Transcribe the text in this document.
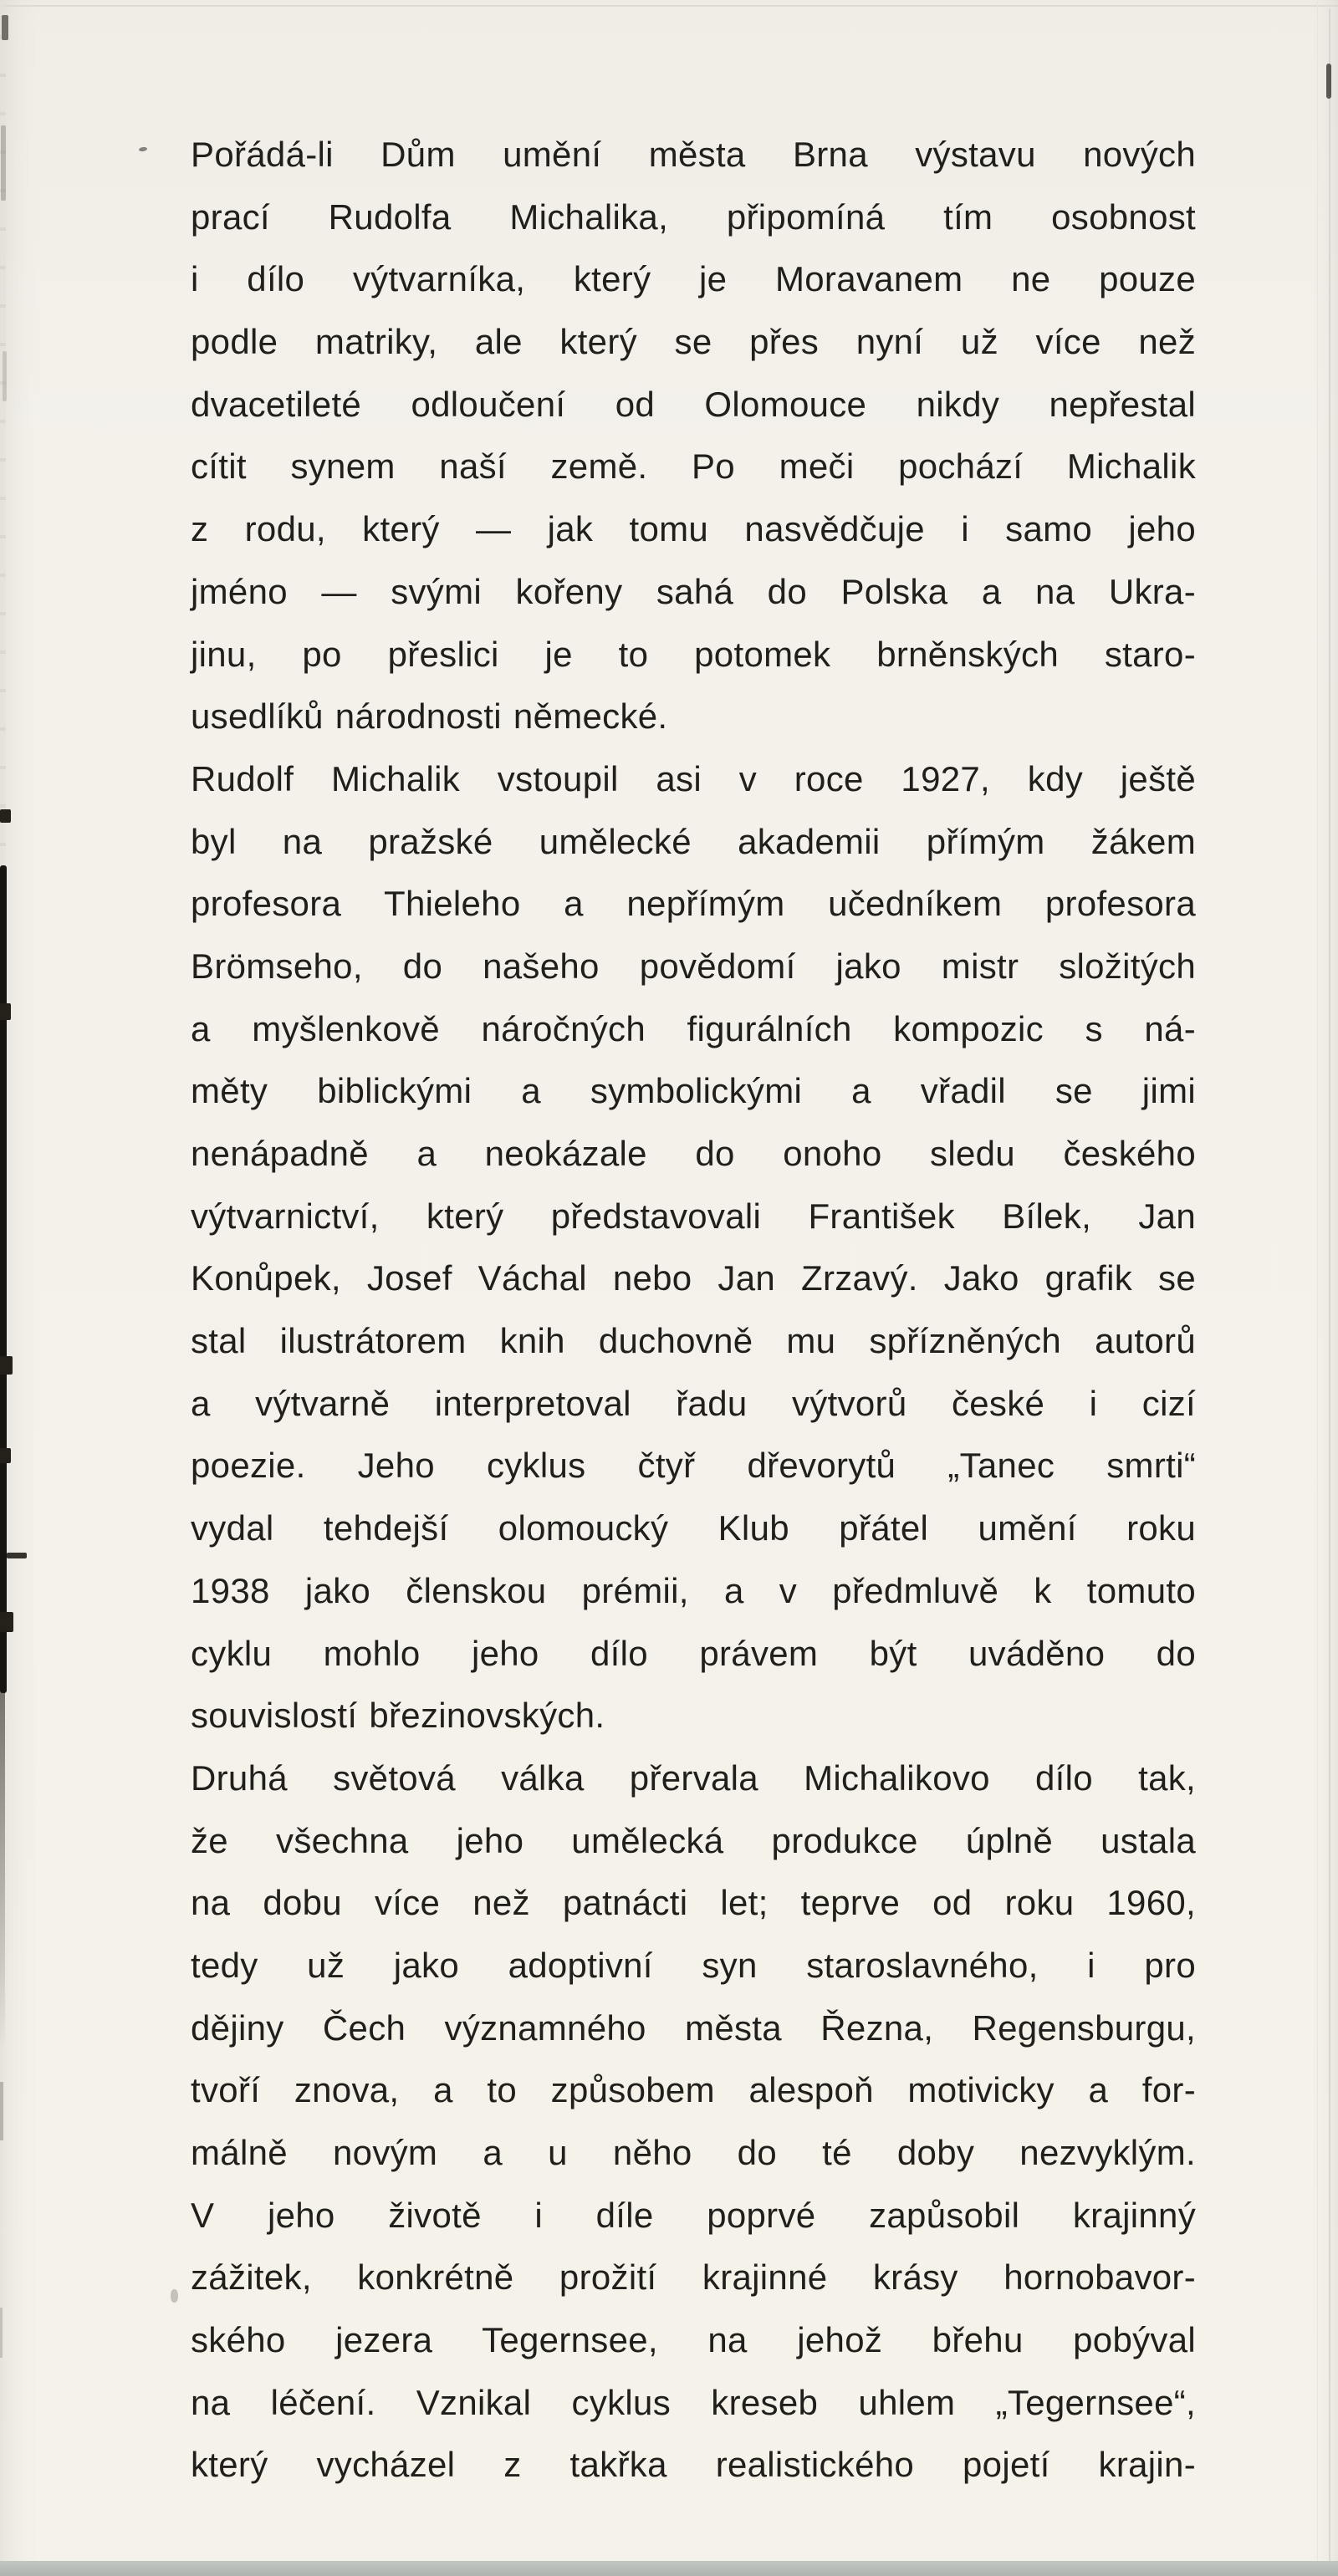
Pořádá-li Dům umění města Brna výstavu nových
prací Rudolfa Michalika, připomíná tím osobnost
i dílo výtvarníka, který je Moravanem ne pouze
podle matriky, ale který se přes nyní už více než
dvacetileté odloučení od Olomouce nikdy nepřestal
cítit synem naší země. Po meči pochází Michalik
z rodu, který — jak tomu nasvědčuje i samo jeho
jméno — svými kořeny sahá do Polska a na Ukra-
jinu, po přeslici je to potomek brněnských staro-
usedlíků národnosti německé.
Rudolf Michalik vstoupil asi v roce 1927, kdy ještě
byl na pražské umělecké akademii přímým žákem
profesora Thieleho a nepřímým učedníkem profesora
Brömseho, do našeho povědomí jako mistr složitých
a myšlenkově náročných figurálních kompozic s ná-
měty biblickými a symbolickými a vřadil se jimi
nenápadně a neokázale do onoho sledu českého
výtvarnictví, který představovali František Bílek, Jan
Konůpek, Josef Váchal nebo Jan Zrzavý. Jako grafik se
stal ilustrátorem knih duchovně mu spřízněných autorů
a výtvarně interpretoval řadu výtvorů české i cizí
poezie. Jeho cyklus čtyř dřevorytů „Tanec smrti“
vydal tehdejší olomoucký Klub přátel umění roku
1938 jako členskou prémii, a v předmluvě k tomuto
cyklu mohlo jeho dílo právem být uváděno do
souvislostí březinovských.
Druhá světová válka přervala Michalikovo dílo tak,
že všechna jeho umělecká produkce úplně ustala
na dobu více než patnácti let; teprve od roku 1960,
tedy už jako adoptivní syn staroslavného, i pro
dějiny Čech významného města Řezna, Regensburgu,
tvoří znova, a to způsobem alespoň motivicky a for-
málně novým a u něho do té doby nezvyklým.
V jeho životě i díle poprvé zapůsobil krajinný
zážitek, konkrétně prožití krajinné krásy hornobavor-
ského jezera Tegernsee, na jehož břehu pobýval
na léčení. Vznikal cyklus kreseb uhlem „Tegernsee“,
který vycházel z takřka realistického pojetí krajin-
